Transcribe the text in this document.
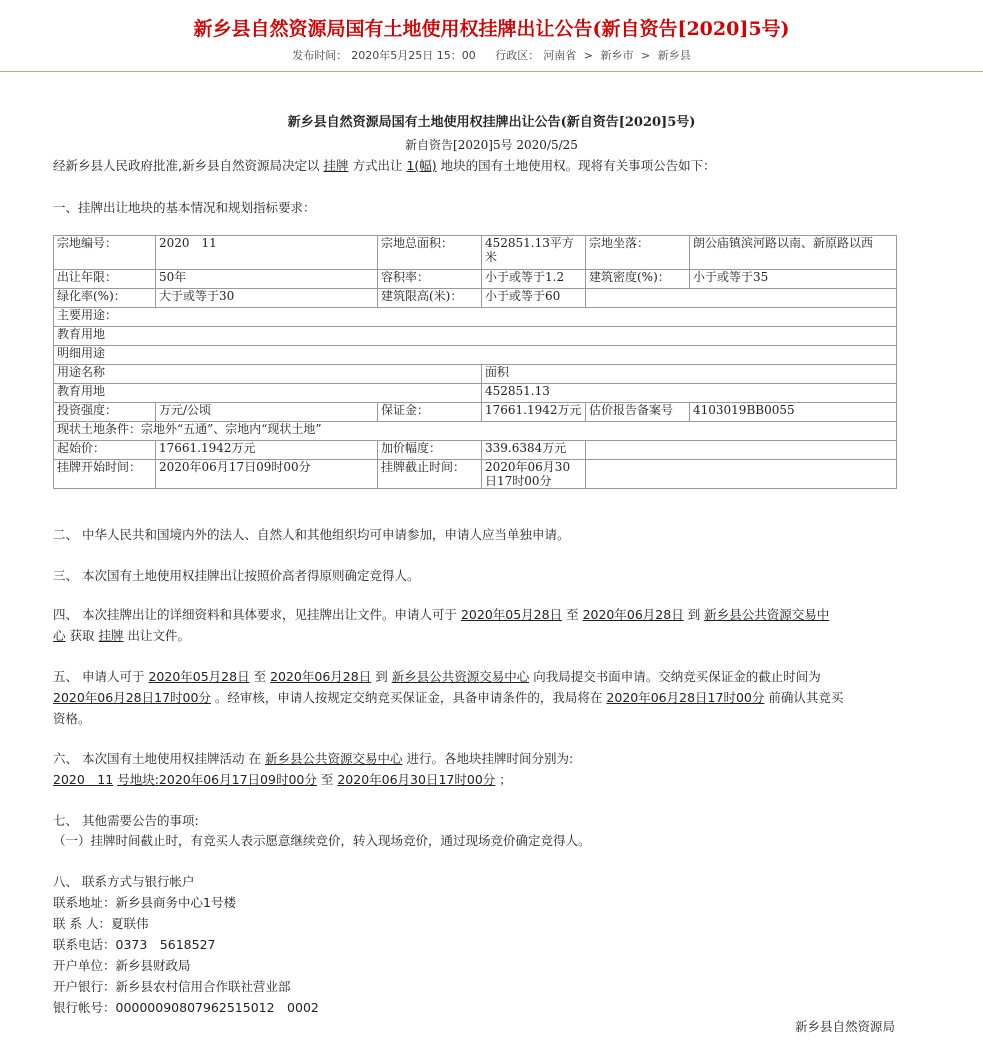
新乡县自然资源局国有土地使用权挂牌出让公告(新自资告[2020]5号)
发布时间： 2020年5月25日 15：00 行政区： 河南省 > 新乡市 > 新乡县
新乡县自然资源局国有土地使用权挂牌出让公告(新自资告[2020]5号)
新自资告[2020]5号 2020/5/25
经新乡县人民政府批准,新乡县自然资源局决定以 挂牌 方式出让 1(幅) 地块的国有土地使用权。现将有关事项公告如下：
一、挂牌出让地块的基本情况和规划指标要求：
宗地编号：	2020　11	宗地总面积：	452851.13平方米	宗地坐落：	朗公庙镇滨河路以南、新原路以西
出让年限：	50年	容积率：	小于或等于1.2	建筑密度(%)：	小于或等于35
绿化率(%)：	大于或等于30	建筑限高(米)：	小于或等于60		
主要用途：					
教育用地					
明细用途					
用途名称			面积		
教育用地			452851.13		
投资强度：	万元/公顷	保证金：	17661.1942万元	估价报告备案号	4103019BB0055
现状土地条件：宗地外“五通”、宗地内“现状土地”					
起始价：	17661.1942万元	加价幅度：	339.6384万元		
挂牌开始时间：	2020年06月17日09时00分	挂牌截止时间：	2020年06月30日17时00分		
二、 中华人民共和国境内外的法人、自然人和其他组织均可申请参加，申请人应当单独申请。
三、 本次国有土地使用权挂牌出让按照价高者得原则确定竞得人。
四、 本次挂牌出让的详细资料和具体要求，见挂牌出让文件。申请人可于 2020年05月28日 至 2020年06月28日 到 新乡县公共资源交易中
心 获取 挂牌 出让文件。
五、 申请人可于 2020年05月28日 至 2020年06月28日 到 新乡县公共资源交易中心 向我局提交书面申请。交纳竞买保证金的截止时间为
2020年06月28日17时00分 。经审核，申请人按规定交纳竞买保证金，具备申请条件的，我局将在 2020年06月28日17时00分 前确认其竞买
资格。
六、 本次国有土地使用权挂牌活动 在 新乡县公共资源交易中心 进行。各地块挂牌时间分别为:
2020　11 号地块:2020年06月17日09时00分 至 2020年06月30日17时00分 ；
七、 其他需要公告的事项:
（一）挂牌时间截止时，有竞买人表示愿意继续竞价，转入现场竞价，通过现场竞价确定竞得人。
八、 联系方式与银行帐户
联系地址：新乡县商务中心1号楼
联 系 人：夏联伟
联系电话：0373　5618527
开户单位：新乡县财政局
开户银行：新乡县农村信用合作联社营业部
银行帐号：00000090807962515012　0002
新乡县自然资源局
